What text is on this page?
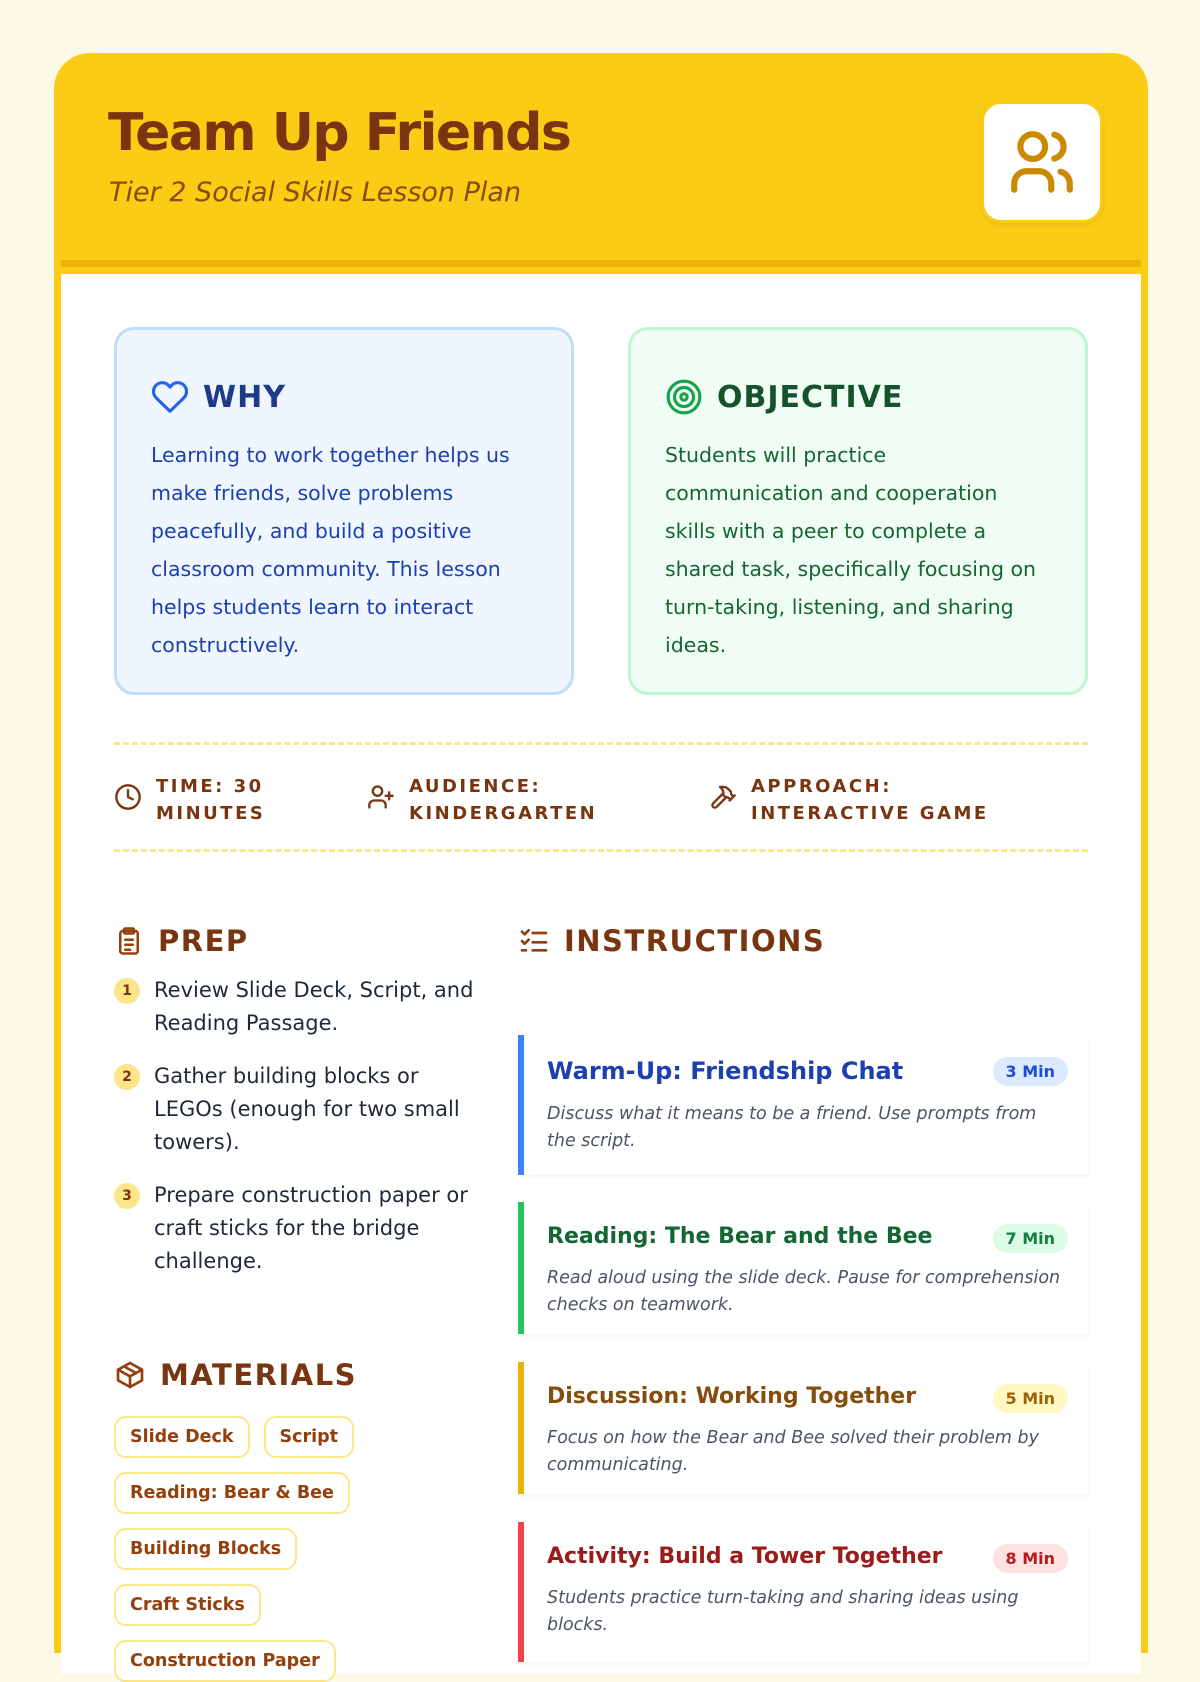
Team Up Friends
Tier 2 Social Skills Lesson Plan
WHY

Learning to work together helps us make friends, solve problems peacefully, and build a positive classroom community. This lesson helps students learn to interact constructively.

OBJECTIVE

Students will practice communication and cooperation skills with a peer to complete a shared task, specifically focusing on turn-taking, listening, and sharing ideas.

TIME: 30 MINUTES
AUDIENCE: KINDERGARTEN
APPROACH: INTERACTIVE GAME
PREP
1	Review Slide Deck, Script, and Reading Passage.
2	Gather building blocks or LEGOs (enough for two small towers).
3	Prepare construction paper or craft sticks for the bridge challenge.
MATERIALS
Slide Deck	Script
Reading: Bear & Bee
Building Blocks
Craft Sticks
Construction Paper
INSTRUCTIONS
Warm-Up: Friendship Chat	3 Min
Discuss what it means to be a friend. Use prompts from the script.
Reading: The Bear and the Bee	7 Min
Read aloud using the slide deck. Pause for comprehension checks on teamwork.
Discussion: Working Together	5 Min
Focus on how the Bear and Bee solved their problem by communicating.
Activity: Build a Tower Together	8 Min
Students practice turn-taking and sharing ideas using blocks.
